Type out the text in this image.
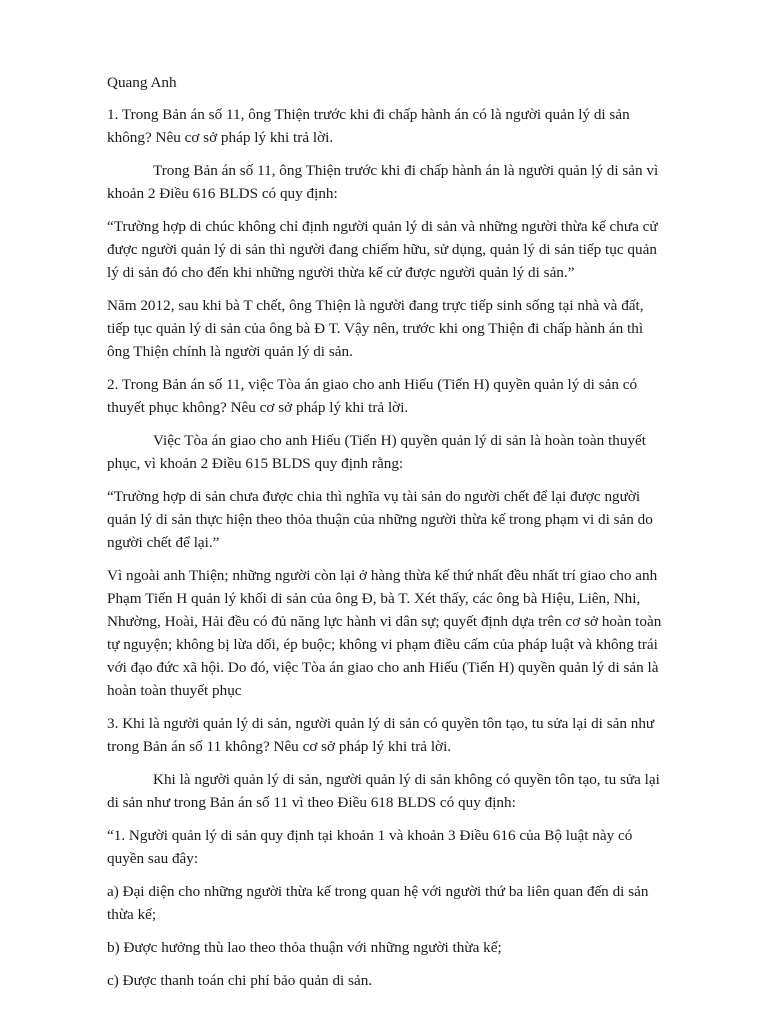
Quang Anh

1. Trong Bản án số 11, ông Thiện trước khi đi chấp hành án có là người quản lý di sản không? Nêu cơ sở pháp lý khi trả lời.

Trong Bản án số 11, ông Thiện trước khi đi chấp hành án là người quản lý di sản vì khoản 2 Điều 616 BLDS có quy định:

“Trường hợp di chúc không chỉ định người quản lý di sản và những người thừa kế chưa cử được người quản lý di sản thì người đang chiếm hữu, sử dụng, quản lý di sản tiếp tục quản lý di sản đó cho đến khi những người thừa kế cử được người quản lý di sản.”

Năm 2012, sau khi bà T chết, ông Thiện là người đang trực tiếp sinh sống tại nhà và đất, tiếp tục quản lý di sản của ông bà Đ T. Vậy nên, trước khi ong Thiện đi chấp hành án thì ông Thiện chính là người quản lý di sản.

2. Trong Bản án số 11, việc Tòa án giao cho anh Hiếu (Tiến H) quyền quản lý di sản có thuyết phục không? Nêu cơ sở pháp lý khi trả lời.

Việc Tòa án giao cho anh Hiếu (Tiến H) quyền quản lý di sản là hoàn toàn thuyết phục, vì khoản 2 Điều 615 BLDS quy định rằng:

“Trường hợp di sản chưa được chia thì nghĩa vụ tài sản do người chết để lại được người quản lý di sản thực hiện theo thỏa thuận của những người thừa kế trong phạm vi di sản do người chết để lại.”

Vì ngoài anh Thiện; những người còn lại ở hàng thừa kế thứ nhất đều nhất trí giao cho anh Phạm Tiến H quản lý khối di sản của ông Đ, bà T. Xét thấy, các ông bà Hiệu, Liên, Nhi, Nhường, Hoài, Hải đều có đủ năng lực hành vi dân sự; quyết định dựa trên cơ sở hoàn toàn tự nguyện; không bị lừa dối, ép buộc; không vi phạm điều cấm của pháp luật và không trái với đạo đức xã hội. Do đó, việc Tòa án giao cho anh Hiếu (Tiến H) quyền quản lý di sản là hoàn toàn thuyết phục

3. Khi là người quản lý di sản, người quản lý di sản có quyền tôn tạo, tu sửa lại di sản như trong Bản án số 11 không? Nêu cơ sở pháp lý khi trả lời.

Khi là người quản lý di sản, người quản lý di sản không có quyền tôn tạo, tu sửa lại di sản như trong Bản án số 11 vì theo Điều 618 BLDS có quy định:

“1. Người quản lý di sản quy định tại khoản 1 và khoản 3 Điều 616 của Bộ luật này có quyền sau đây:

a) Đại diện cho những người thừa kế trong quan hệ với người thứ ba liên quan đến di sản thừa kế;

b) Được hưởng thù lao theo thỏa thuận với những người thừa kế;

c) Được thanh toán chi phí bảo quản di sản.
